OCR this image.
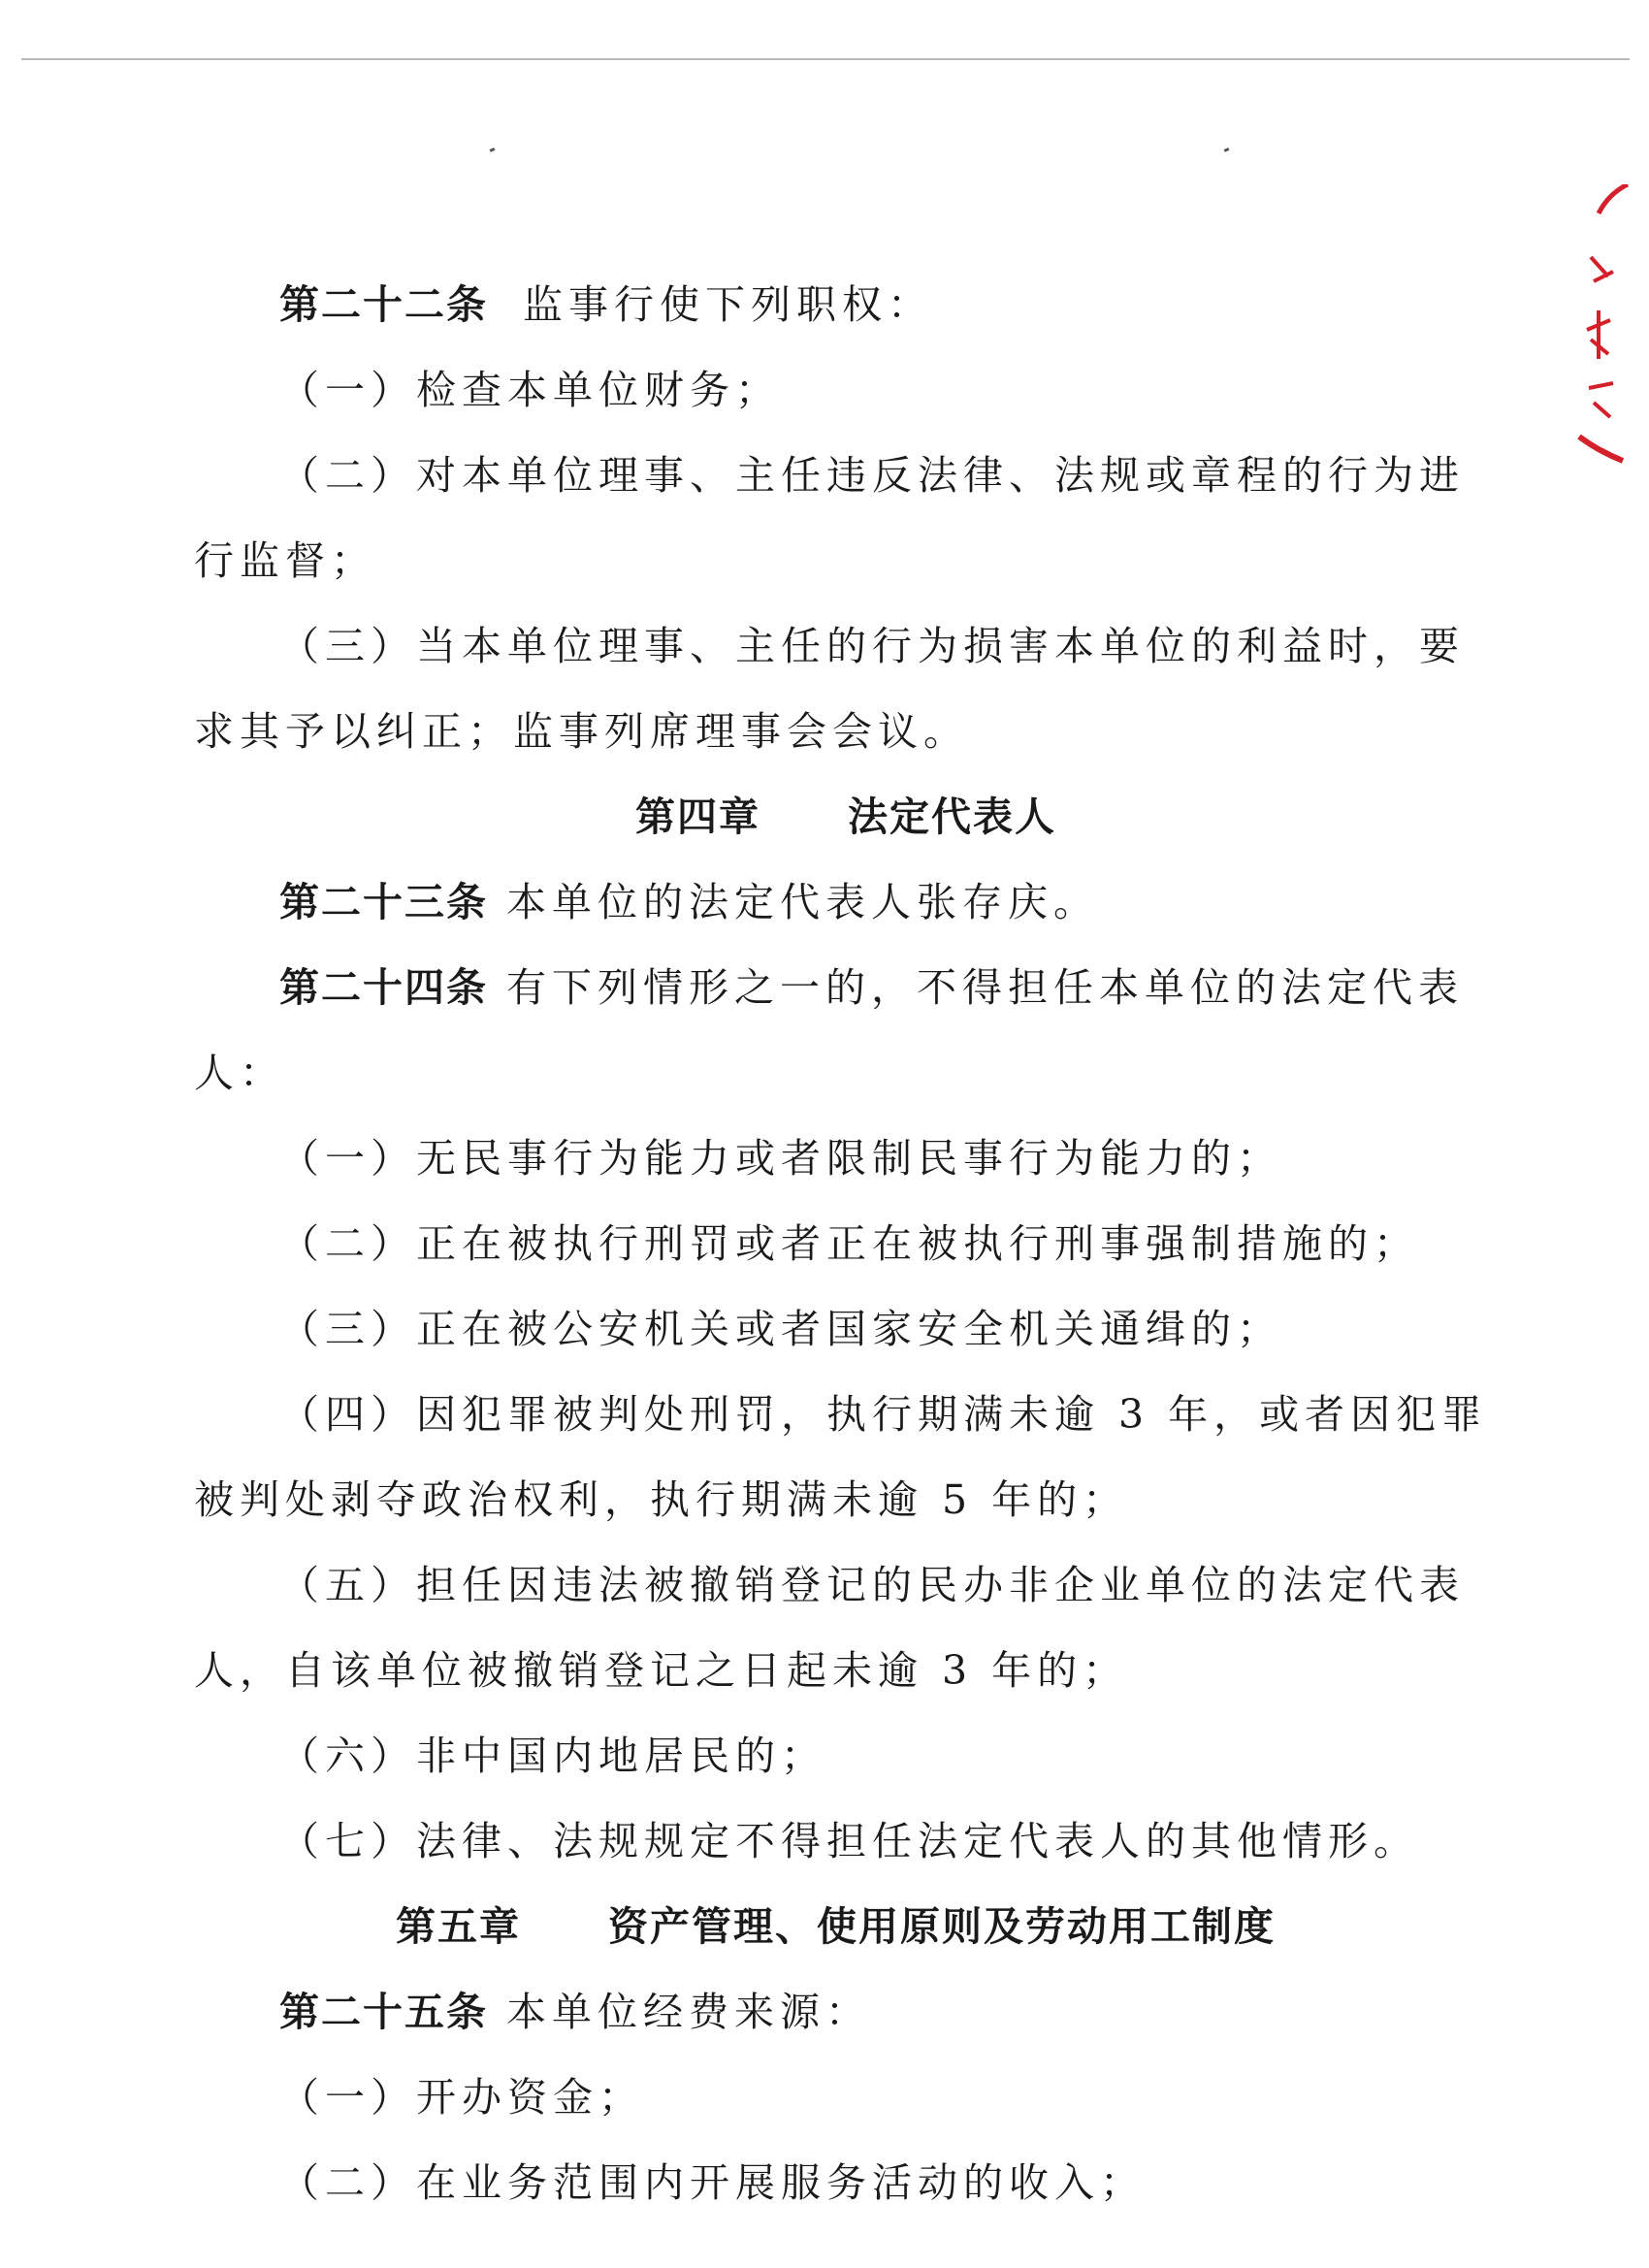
第二十二条 监事行使下列职权：

（一）检查本单位财务；

（二）对本单位理事、主任违反法律、法规或章程的行为进

行监督；

（三）当本单位理事、主任的行为损害本单位的利益时，要

求其予以纠正；监事列席理事会会议。

第四章 法定代表人

第二十三条 本单位的法定代表人张存庆。

第二十四条 有下列情形之一的，不得担任本单位的法定代表

人：

（一）无民事行为能力或者限制民事行为能力的；

（二）正在被执行刑罚或者正在被执行刑事强制措施的；

（三）正在被公安机关或者国家安全机关通缉的；

（四）因犯罪被判处刑罚，执行期满未逾 3 年，或者因犯罪

被判处剥夺政治权利，执行期满未逾 5 年的；

（五）担任因违法被撤销登记的民办非企业单位的法定代表

人，自该单位被撤销登记之日起未逾 3 年的；

（六）非中国内地居民的；

（七）法律、法规规定不得担任法定代表人的其他情形。

第五章 资产管理、使用原则及劳动用工制度

第二十五条 本单位经费来源：

（一）开办资金；

（二）在业务范围内开展服务活动的收入；
